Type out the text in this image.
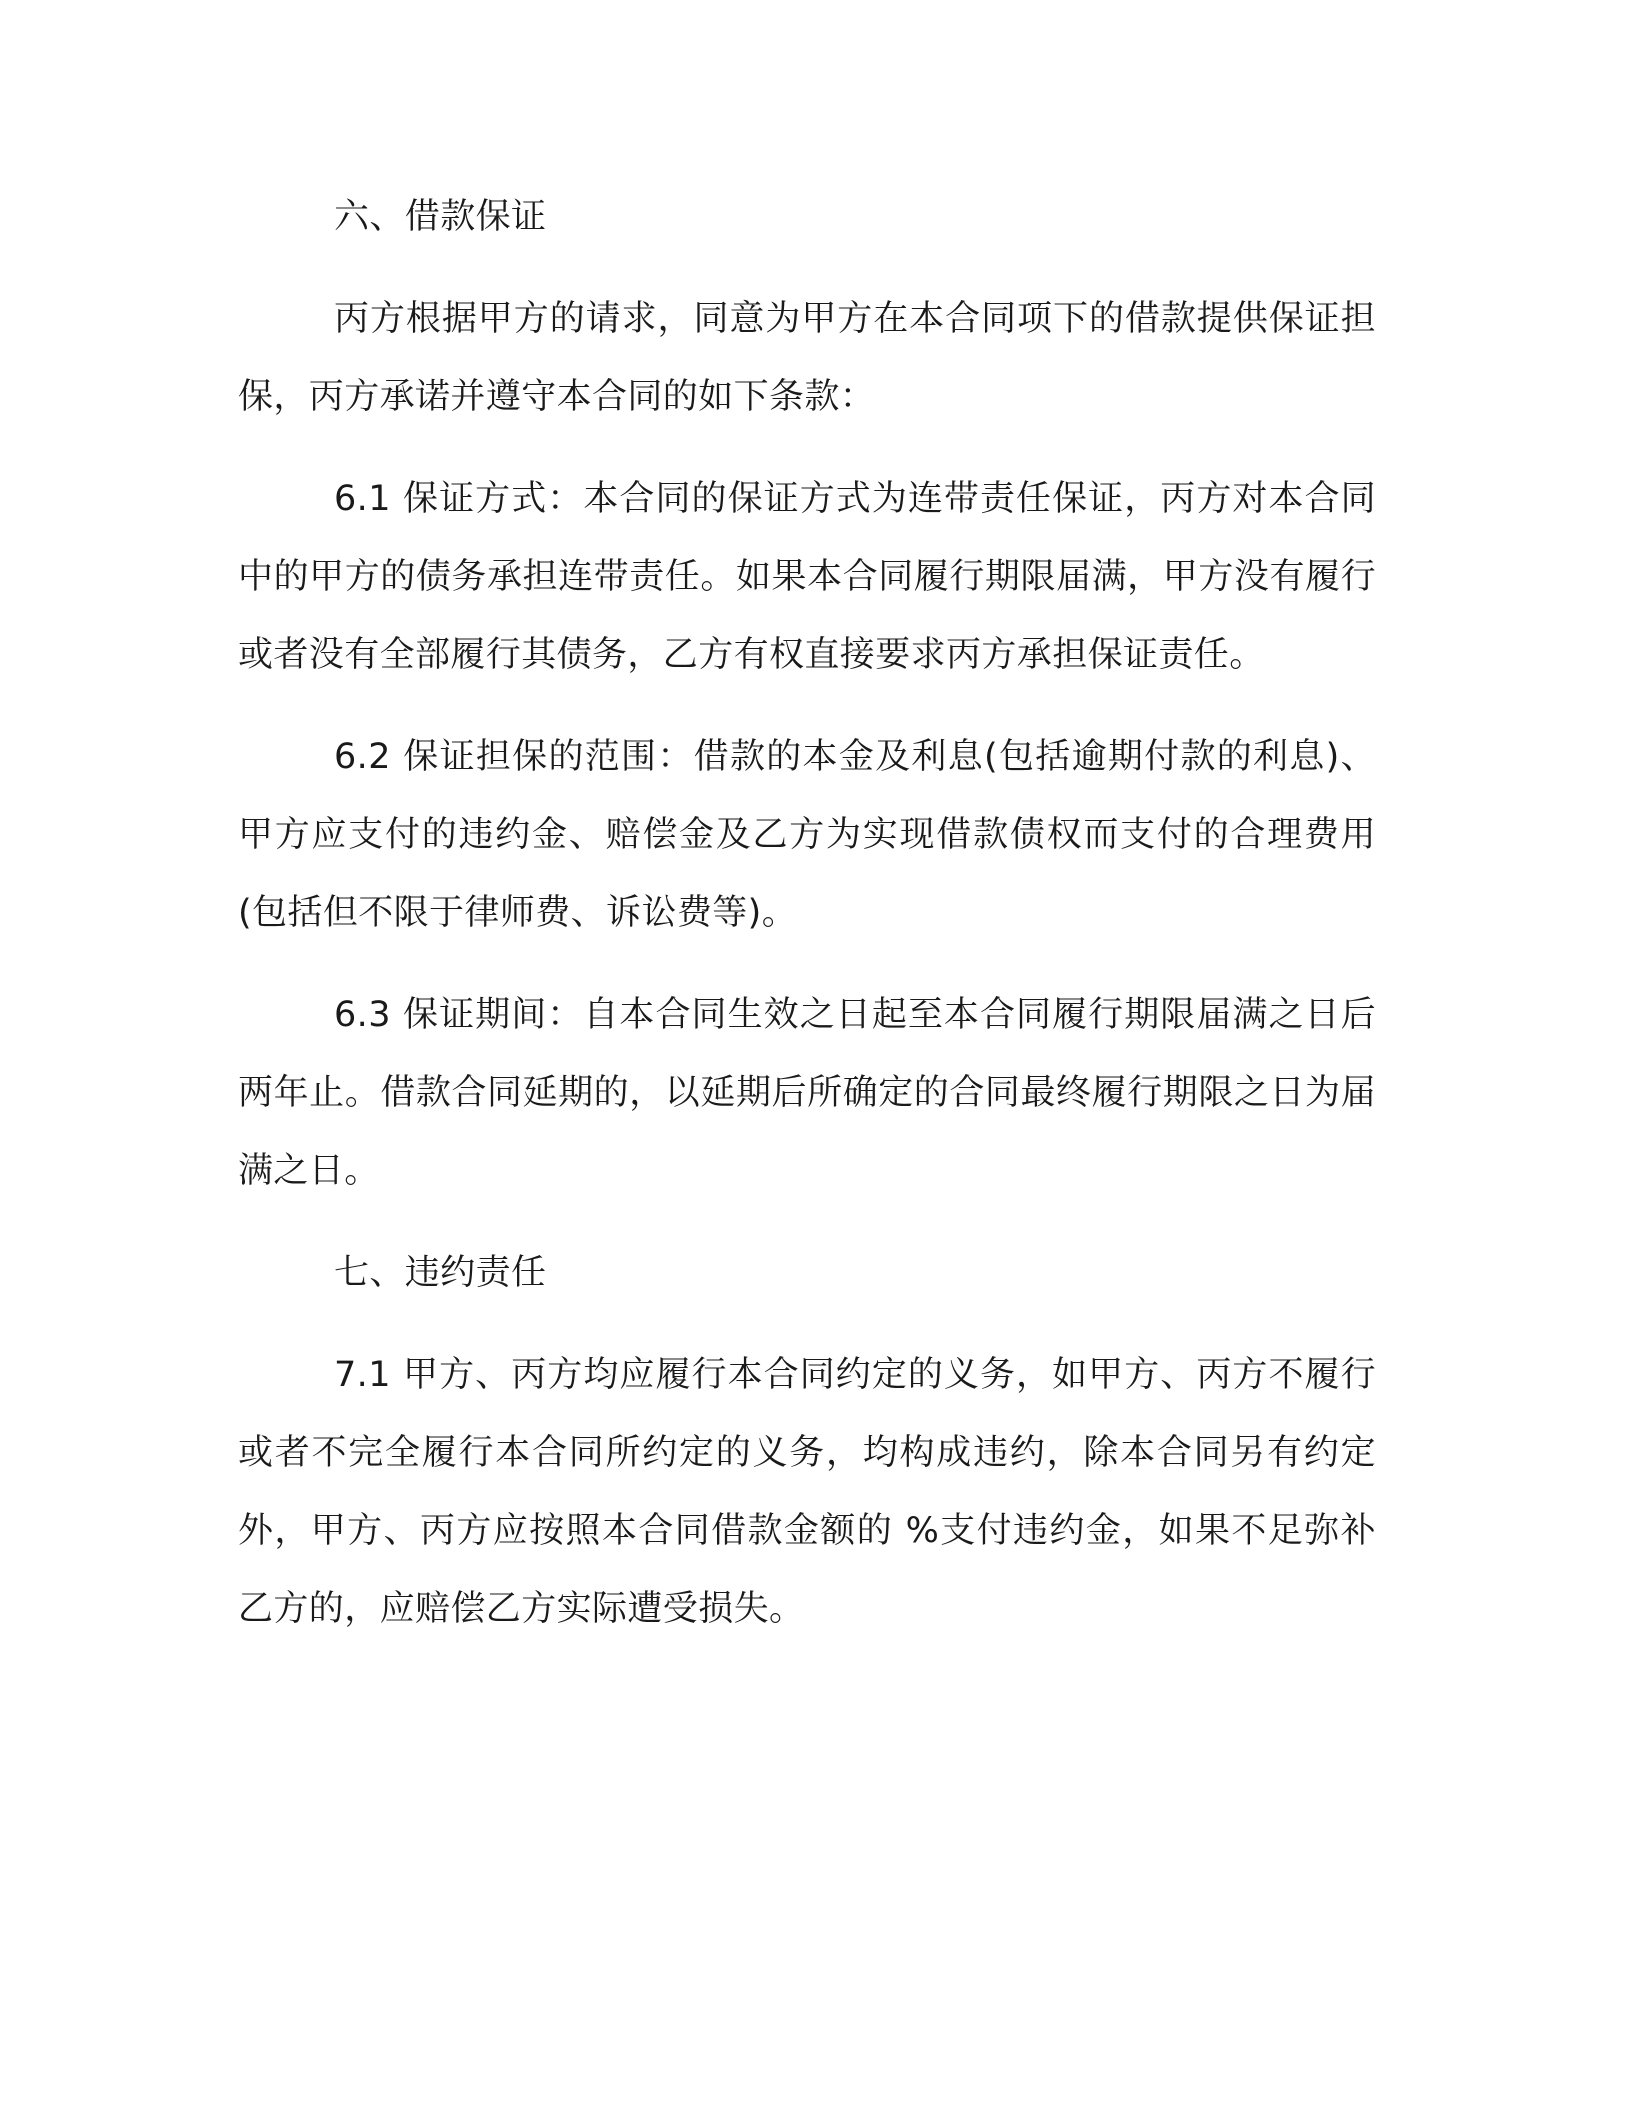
六、借款保证

丙方根据甲方的请求，同意为甲方在本合同项下的借款提供保证担保，丙方承诺并遵守本合同的如下条款：

6.1 保证方式：本合同的保证方式为连带责任保证，丙方对本合同中的甲方的债务承担连带责任。如果本合同履行期限届满，甲方没有履行或者没有全部履行其债务，乙方有权直接要求丙方承担保证责任。

6.2 保证担保的范围：借款的本金及利息(包括逾期付款的利息)、甲方应支付的违约金、赔偿金及乙方为实现借款债权而支付的合理费用(包括但不限于律师费、诉讼费等)。

6.3 保证期间：自本合同生效之日起至本合同履行期限届满之日后两年止。借款合同延期的，以延期后所确定的合同最终履行期限之日为届满之日。

七、违约责任

7.1 甲方、丙方均应履行本合同约定的义务，如甲方、丙方不履行或者不完全履行本合同所约定的义务，均构成违约，除本合同另有约定外，甲方、丙方应按照本合同借款金额的 %支付违约金，如果不足弥补乙方的，应赔偿乙方实际遭受损失。
